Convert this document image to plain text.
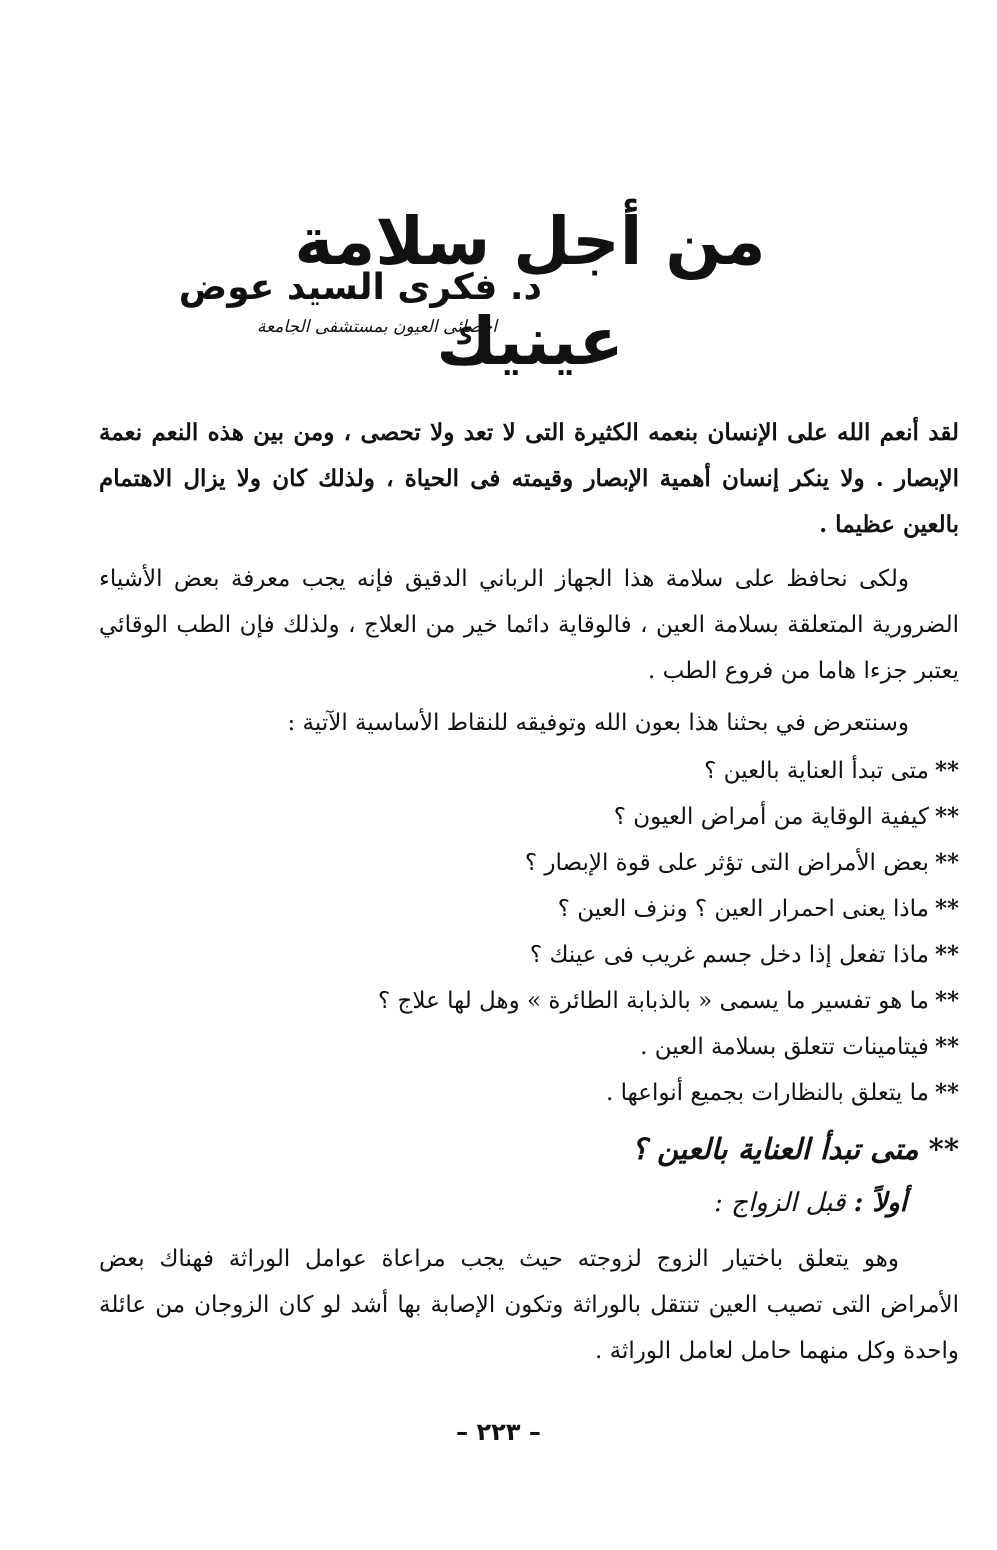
من أجل سلامة عينيك
د. فكرى السيد عوض
اخصائى العيون بمستشفى الجامعة

لقد أنعم الله على الإنسان بنعمه الكثيرة التى لا تعد ولا تحصى ، ومن بين هذه النعم نعمة الإبصار . ولا ينكر إنسان أهمية الإبصار وقيمته فى الحياة ، ولذلك كان ولا يزال الاهتمام بالعين عظيما .

ولكى نحافظ على سلامة هذا الجهاز الرباني الدقيق فإنه يجب معرفة بعض الأشياء الضرورية المتعلقة بسلامة العين ، فالوقاية دائما خير من العلاج ، ولذلك فإن الطب الوقائي يعتبر جزءا هاما من فروع الطب .

وسنتعرض في بحثنا هذا بعون الله وتوفيقه للنقاط الأساسية الآتية :

**متى تبدأ العناية بالعين ؟
**كيفية الوقاية من أمراض العيون ؟
**بعض الأمراض التى تؤثر على قوة الإبصار ؟
**ماذا يعنى احمرار العين ؟ ونزف العين ؟
**ماذا تفعل إذا دخل جسم غريب فى عينك ؟
**ما هو تفسير ما يسمى « بالذبابة الطائرة » وهل لها علاج ؟
**فيتامينات تتعلق بسلامة العين .
**ما يتعلق بالنظارات بجميع أنواعها .
** متى تبدأ العناية بالعين ؟
أولاً : قبل الزواج :

وهو يتعلق باختيار الزوج لزوجته حيث يجب مراعاة عوامل الوراثة فهناك بعض الأمراض التى تصيب العين تنتقل بالوراثة وتكون الإصابة بها أشد لو كان الزوجان من عائلة واحدة وكل منهما حامل لعامل الوراثة .

– ٢٢٣ –
